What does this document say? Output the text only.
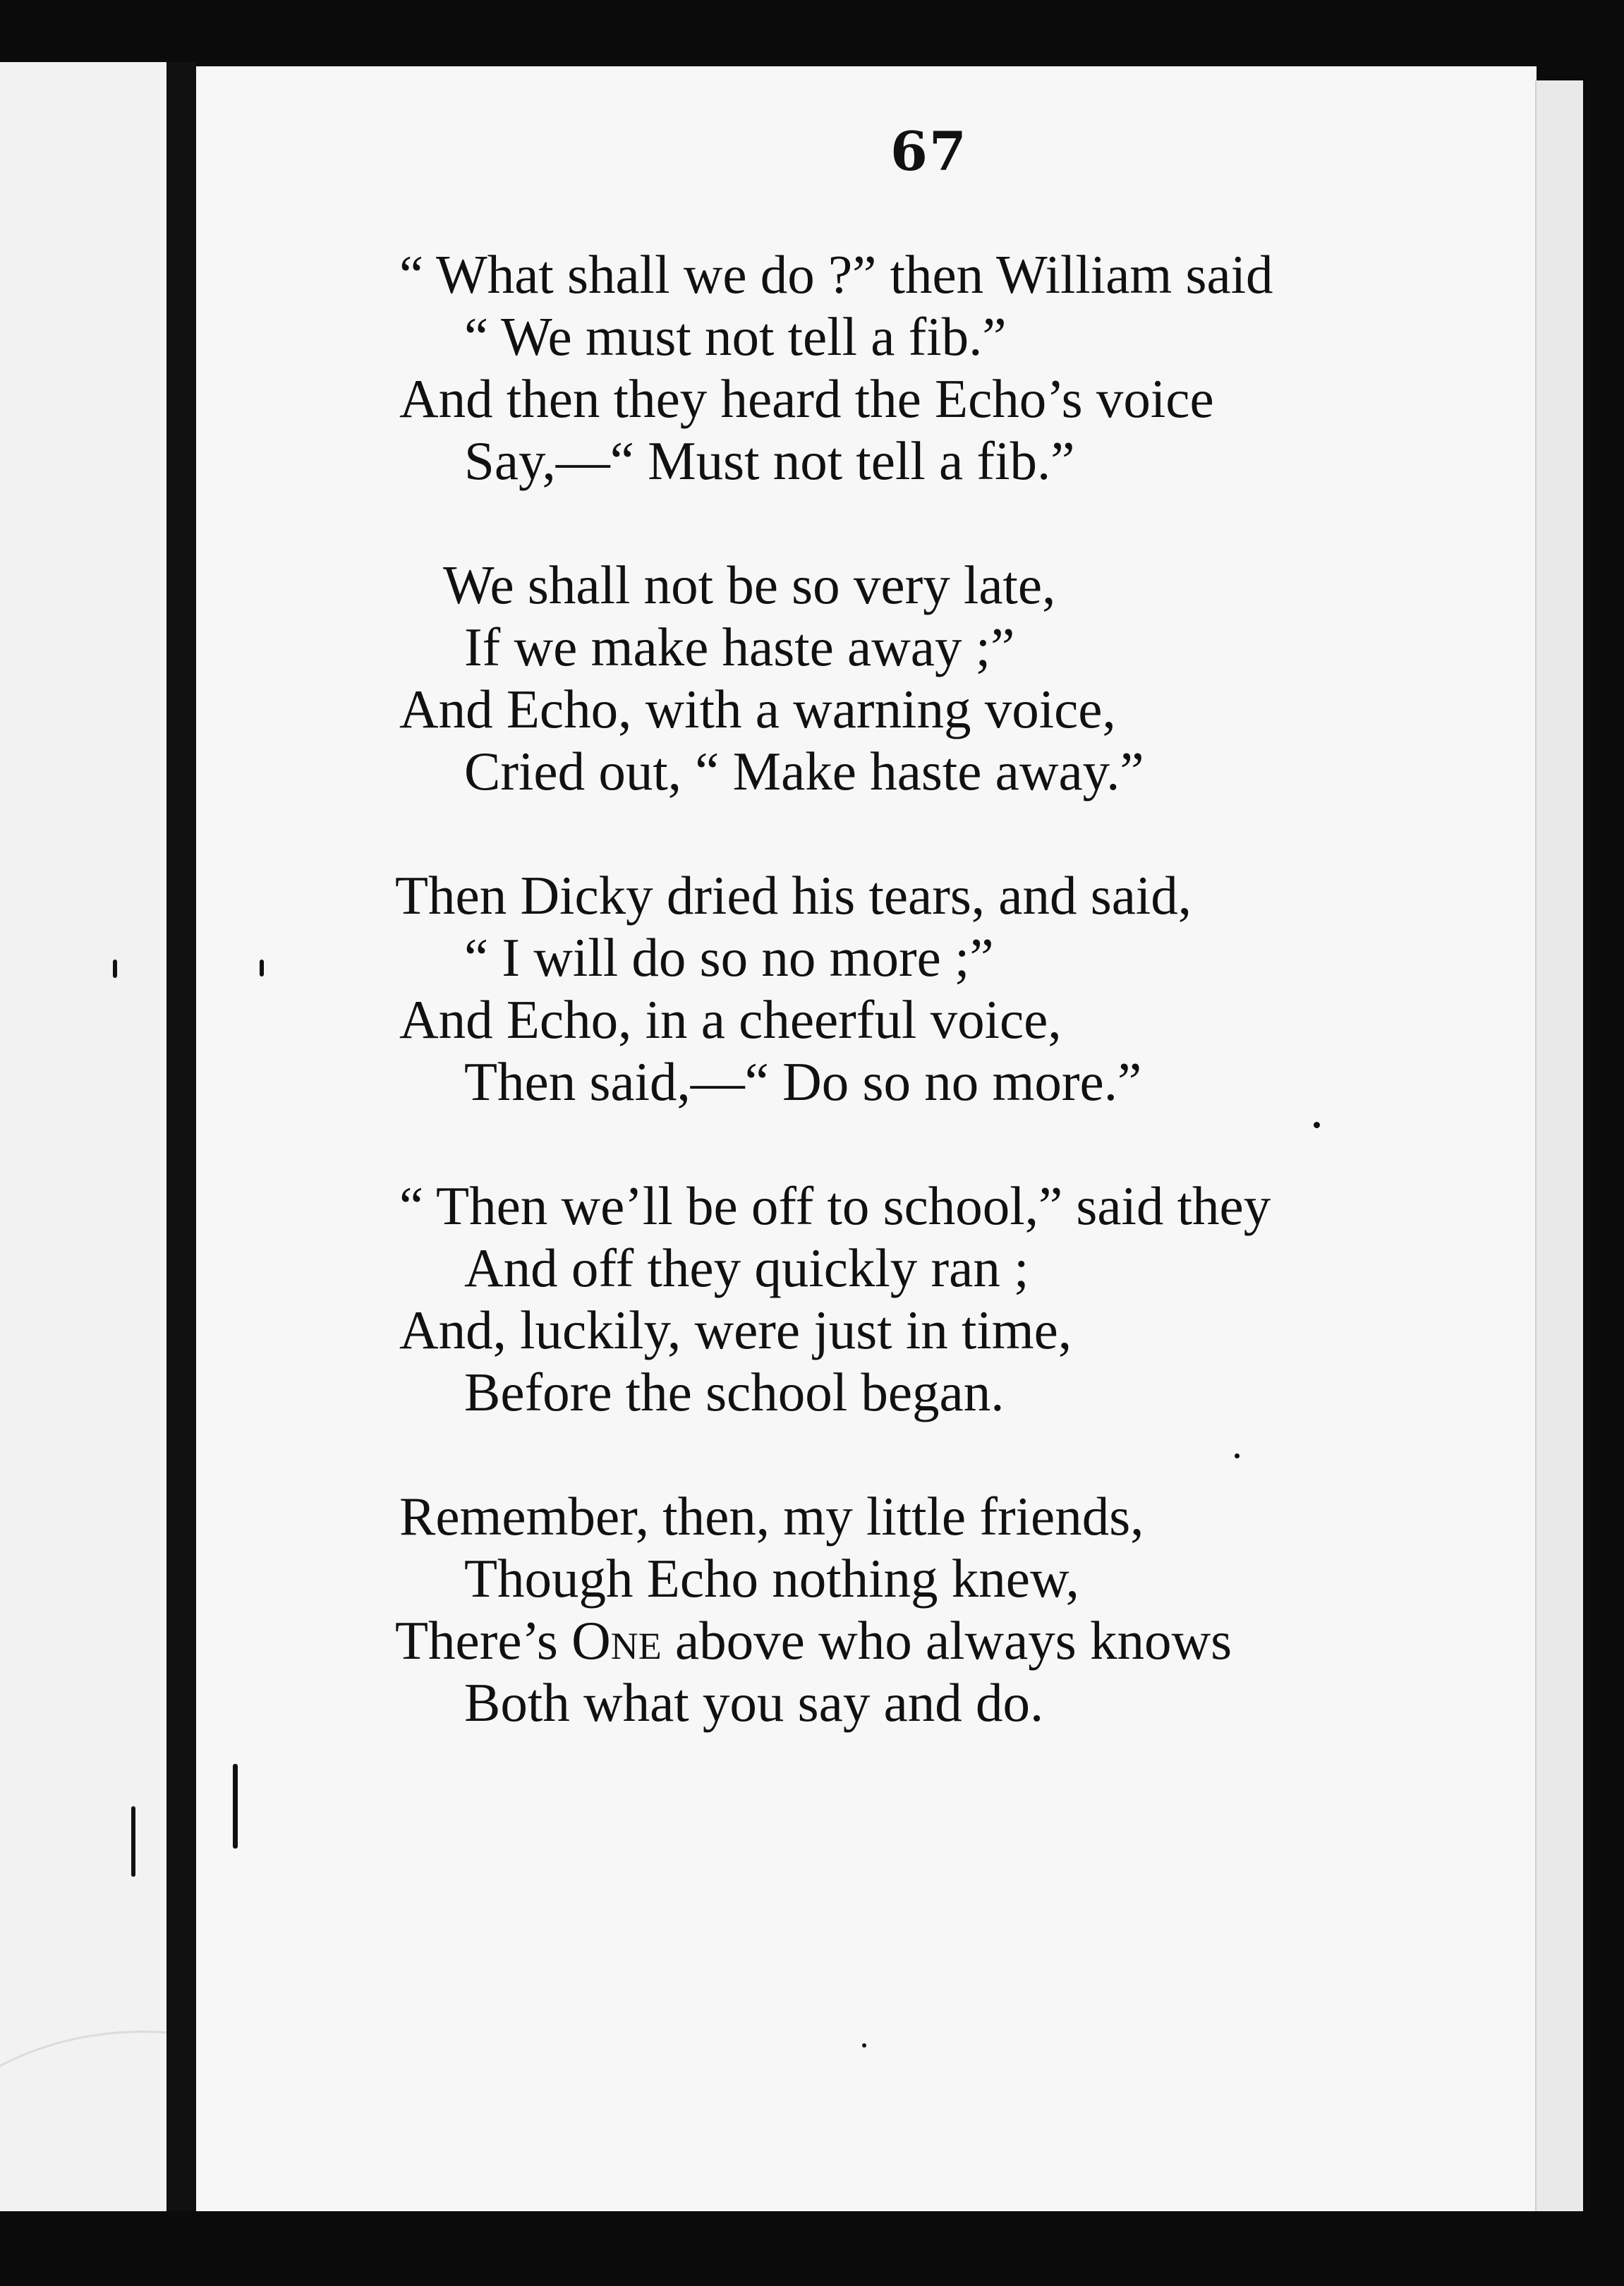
67
“ What shall we do ?” then William said
“ We must not tell a fib.”
And then they heard the Echo’s voice
Say,—“ Must not tell a fib.”
We shall not be so very late,
If we make haste away ;”
And Echo, with a warning voice,
Cried out, “ Make haste away.”
Then Dicky dried his tears, and said,
“ I will do so no more ;”
And Echo, in a cheerful voice,
Then said,—“ Do so no more.”
“ Then we’ll be off to school,” said they
And off they quickly ran ;
And, luckily, were just in time,
Before the school began.
Remember, then, my little friends,
Though Echo nothing knew,
There’s One above who always knows
Both what you say and do.
